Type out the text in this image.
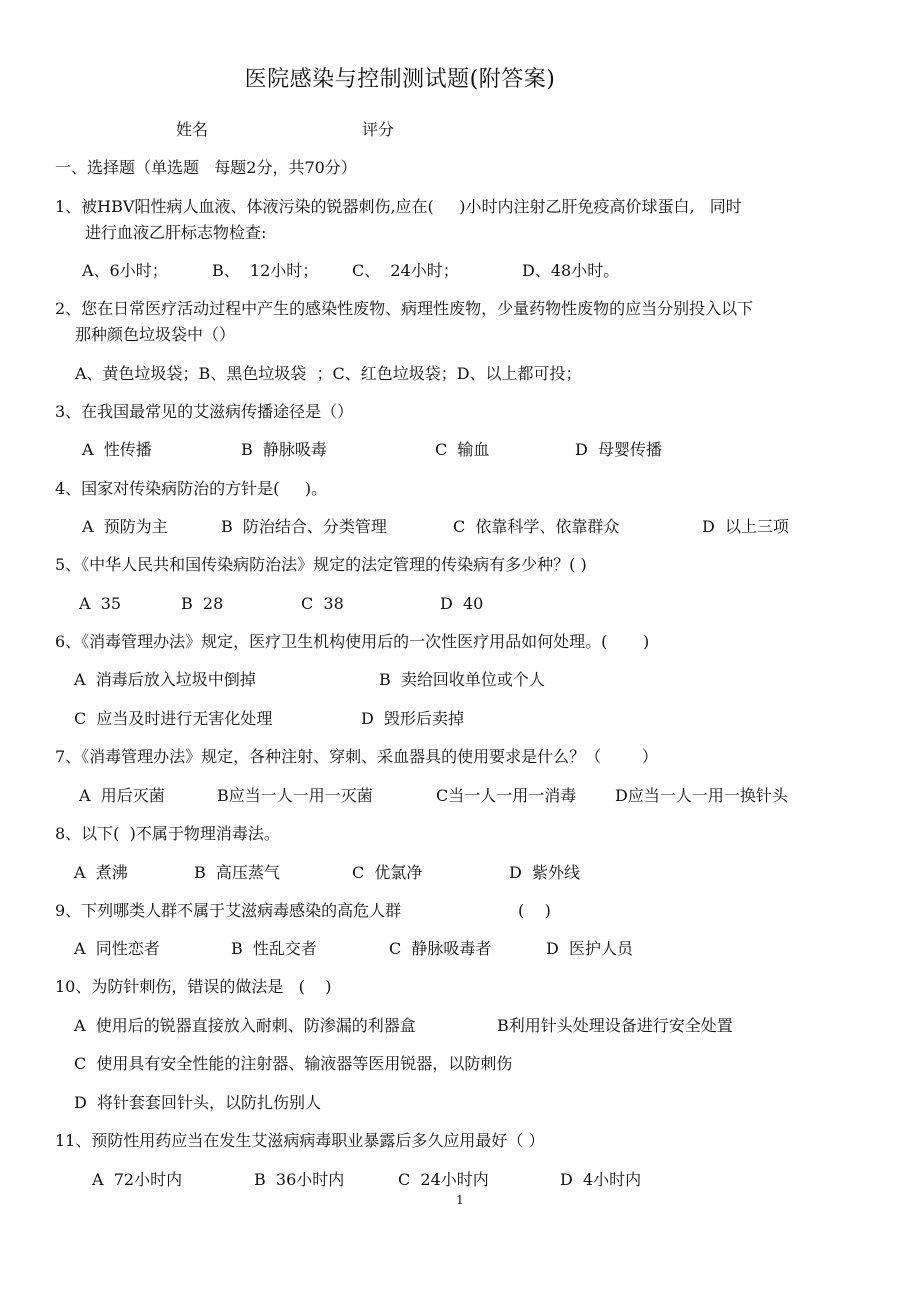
医院感染与控制测试题(附答案)
姓名	评分
一、选择题（单选题   每题2分，共70分）
1、被HBV阳性病人血液、体液污染的锐器刺伤,应在(     )小时内注射乙肝免疫高价球蛋白,   同时
进行血液乙肝标志物检查:
A、6小时；	B、  12小时； C、  24小时；	D、48小时。
2、您在日常医疗活动过程中产生的感染性废物、病理性废物，少量药物性废物的应当分别投入以下
那种颜色垃圾袋中（）
A、黄色垃圾袋；B、黑色垃圾袋  ；C、红色垃圾袋；D、以上都可投；
3、在我国最常见的艾滋病传播途径是（）
A  性传播	B  静脉吸毒	C  输血	D  母婴传播
4、国家对传染病防治的方针是(     )。
A  预防为主	B  防治结合、分类管理	C  依靠科学、依靠群众	D  以上三项
5、《中华人民共和国传染病防治法》规定的法定管理的传染病有多少种？( )
A  35	B  28	C  38	D  40
6、《消毒管理办法》规定，医疗卫生机构使用后的一次性医疗用品如何处理。(       )
A  消毒后放入垃圾中倒掉	B  卖给回收单位或个人
C  应当及时进行无害化处理	D  毁形后卖掉
7、《消毒管理办法》规定，各种注射、穿刺、采血器具的使用要求是什么？（        ）
A  用后灭菌	B应当一人一用一灭菌	C当一人一用一消毒 D应当一人一用一换针头
8、以下(  )不属于物理消毒法。
A  煮沸	B  高压蒸气	C  优氯净	D  紫外线
9、下列哪类人群不属于艾滋病毒感染的高危人群	(    )
A  同性恋者	B  性乱交者	C  静脉吸毒者	D  医护人员
10、为防针刺伤，错误的做法是   (    )
A  使用后的锐器直接放入耐刺、防渗漏的利器盒	B利用针头处理设备进行安全处置
C  使用具有安全性能的注射器、输液器等医用锐器，以防刺伤
D  将针套套回针头，以防扎伤别人
11、预防性用药应当在发生艾滋病病毒职业暴露后多久应用最好（ ）
A  72小时内	B  36小时内	C  24小时内	D  4小时内
1
